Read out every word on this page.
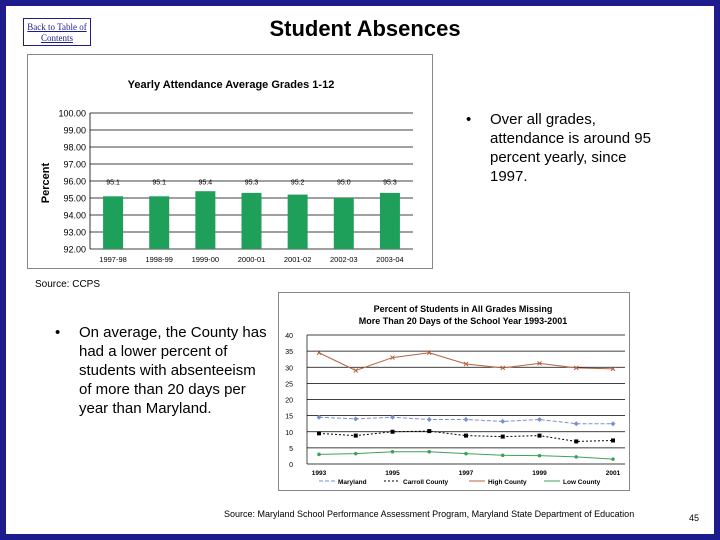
Back to Table of Contents	Student Absences
Yearly Attendance Average Grades 1-12
Percent
92.00
93.00
94.00
95.00
96.00
97.00
98.00
99.00
100.00
95.1
1997-98
95.1
1998-99
95.4
1999-00
95.3
2000-01
95.2
2001-02
95.0
2002-03
95.3
2003-04
•	Over all grades, attendance is around 95 percent yearly, since 1997.
Source: CCPS
Percent of Students in All Grades Missing
More Than 20 Days of the School Year 1993-2001
0
5
10
15
20
25
30
35
40
1993	1995	1997	1999	2001
Maryland	Carroll County	High County	Low County
•	On average, the County has had a lower percent of students with absenteeism of more than 20 days per year than Maryland.
Source: Maryland School Performance Assessment Program, Maryland State Department of Education	45
